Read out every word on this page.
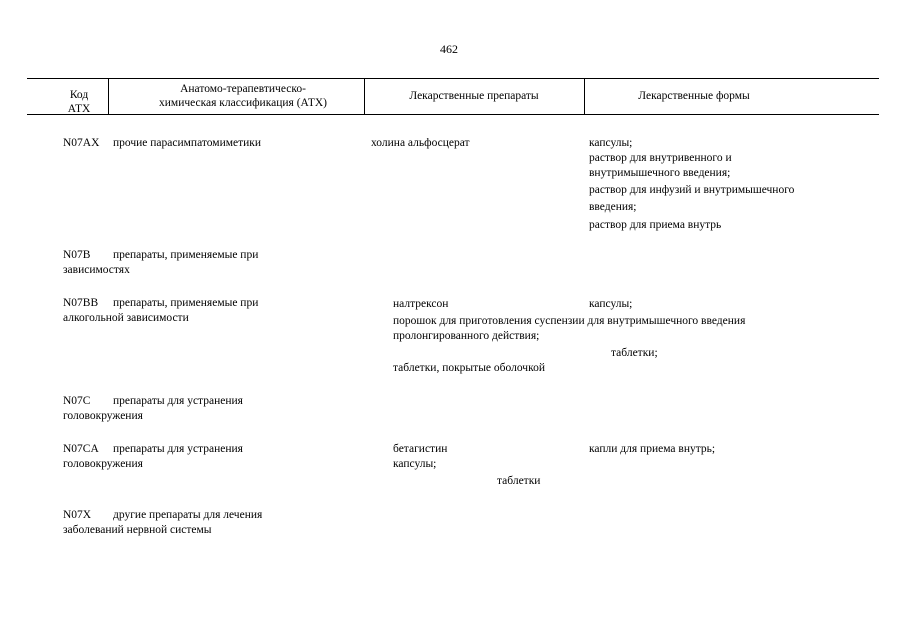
462
Код
АТХ
Анатомо-терапевтическо-
химическая классификация (АТХ)
Лекарственные препараты	Лекарственные формы
N07AX прочие парасимпатомиметики	холина альфосцерат	капсулы;
раствор для внутривенного и
внутримышечного введения;
раствор для инфузий и внутримышечного
введения;
раствор для приема внутрь
N07B препараты, применяемые при
зависимостях
N07BB препараты, применяемые при
алкогольной зависимости
налтрексон	капсулы;
порошок для приготовления суспензии для внутримышечного введения
пролонгированного действия;
таблетки;
таблетки, покрытые оболочкой
N07C препараты для устранения
головокружения
N07CA препараты для устранения
головокружения
бетагистин	капли для приема внутрь;
капсулы;
таблетки
N07X другие препараты для лечения
заболеваний нервной системы
